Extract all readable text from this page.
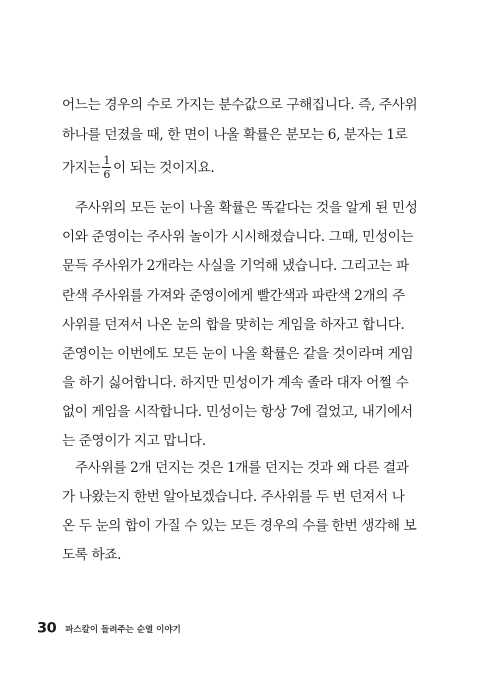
어느는 경우의 수로 가지는 분수값으로 구해집니다. 즉, 주사위
하나를 던졌을 때, 한 면이 나올 확률은 분모는 6, 분자는 1로
가지는 $\frac{1}{6}$ 이 되는 것이지요.
주사위의 모든 눈이 나올 확률은 똑같다는 것을 알게 된 민성
이와 준영이는 주사위 놀이가 시시해졌습니다. 그때, 민성이는
문득 주사위가 2개라는 사실을 기억해 냈습니다. 그리고는 파
란색 주사위를 가져와 준영이에게 빨간색과 파란색 2개의 주
사위를 던져서 나온 눈의 합을 맞히는 게임을 하자고 합니다.
준영이는 이번에도 모든 눈이 나올 확률은 같을 것이라며 게임
을 하기 싫어합니다. 하지만 민성이가 계속 졸라 대자 어쩔 수
없이 게임을 시작합니다. 민성이는 항상 7에 걸었고, 내기에서
는 준영이가 지고 맙니다.
주사위를 2개 던지는 것은 1개를 던지는 것과 왜 다른 결과
가 나왔는지 한번 알아보겠습니다. 주사위를 두 번 던져서 나
온 두 눈의 합이 가질 수 있는 모든 경우의 수를 한번 생각해 보
도록 하죠.
30 파스칼이 들려주는 순열 이야기
